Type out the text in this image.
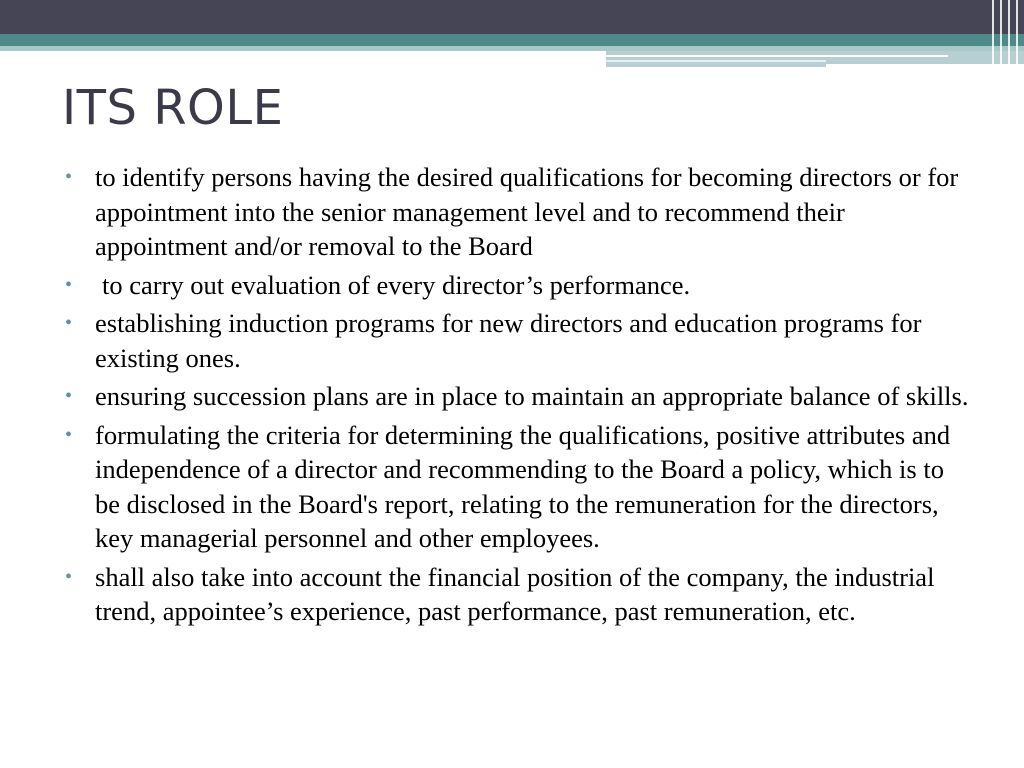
ITS ROLE
• to identify persons having the desired qualifications for becoming directors or for appointment into the senior management level and to recommend their appointment and/or removal to the Board
• to carry out evaluation of every director’s performance.
• establishing induction programs for new directors and education programs for existing ones.
• ensuring succession plans are in place to maintain an appropriate balance of skills.
• formulating the criteria for determining the qualifications, positive attributes and independence of a director and recommending to the Board a policy, which is to be disclosed in the Board's report, relating to the remuneration for the directors, key managerial personnel and other employees.
• shall also take into account the financial position of the company, the industrial trend, appointee’s experience, past performance, past remuneration, etc.
